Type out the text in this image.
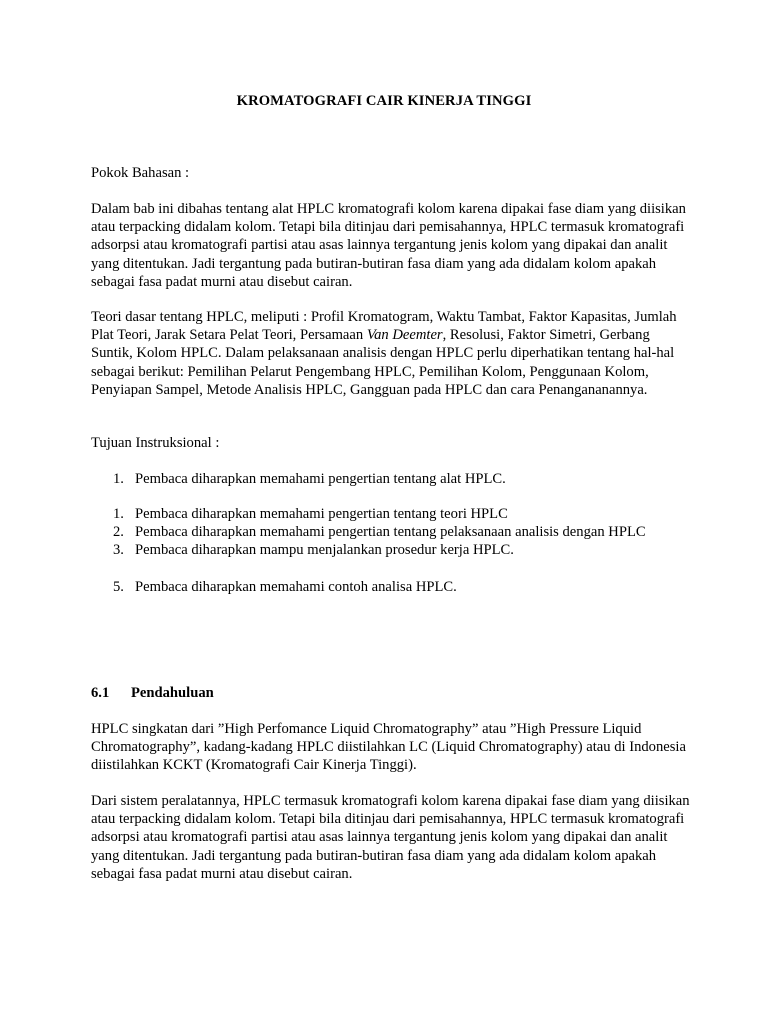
KROMATOGRAFI CAIR KINERJA TINGGI

Pokok Bahasan :

Dalam bab ini dibahas tentang alat HPLC kromatografi kolom karena dipakai fase diam yang diisikan atau terpacking didalam kolom. Tetapi bila ditinjau dari pemisahannya, HPLC termasuk kromatografi adsorpsi atau kromatografi partisi atau asas lainnya tergantung jenis kolom yang dipakai dan analit yang ditentukan. Jadi tergantung pada butiran-butiran fasa diam yang ada didalam kolom apakah sebagai fasa padat murni atau disebut cairan.

Teori dasar tentang HPLC, meliputi : Profil Kromatogram, Waktu Tambat, Faktor Kapasitas, Jumlah Plat Teori, Jarak Setara Pelat Teori, Persamaan Van Deemter, Resolusi, Faktor Simetri, Gerbang Suntik, Kolom HPLC. Dalam pelaksanaan analisis dengan HPLC perlu diperhatikan tentang hal-hal sebagai berikut: Pemilihan Pelarut Pengembang HPLC, Pemilihan Kolom, Penggunaan Kolom, Penyiapan Sampel, Metode Analisis HPLC, Gangguan pada HPLC dan cara Penangananannya.

Tujuan Instruksional :

1. Pembaca diharapkan memahami pengertian tentang alat HPLC.
1. Pembaca diharapkan memahami pengertian tentang teori HPLC
2. Pembaca diharapkan memahami pengertian tentang pelaksanaan analisis dengan HPLC
3. Pembaca diharapkan mampu menjalankan prosedur kerja HPLC.
5. Pembaca diharapkan memahami contoh analisa HPLC.
6.1 Pendahuluan

HPLC singkatan dari ”High Perfomance Liquid Chromatography” atau ”High Pressure Liquid Chromatography”, kadang-kadang HPLC diistilahkan LC (Liquid Chromatography) atau di Indonesia diistilahkan KCKT (Kromatografi Cair Kinerja Tinggi).

Dari sistem peralatannya, HPLC termasuk kromatografi kolom karena dipakai fase diam yang diisikan atau terpacking didalam kolom. Tetapi bila ditinjau dari pemisahannya, HPLC termasuk kromatografi adsorpsi atau kromatografi partisi atau asas lainnya tergantung jenis kolom yang dipakai dan analit yang ditentukan. Jadi tergantung pada butiran-butiran fasa diam yang ada didalam kolom apakah sebagai fasa padat murni atau disebut cairan.
